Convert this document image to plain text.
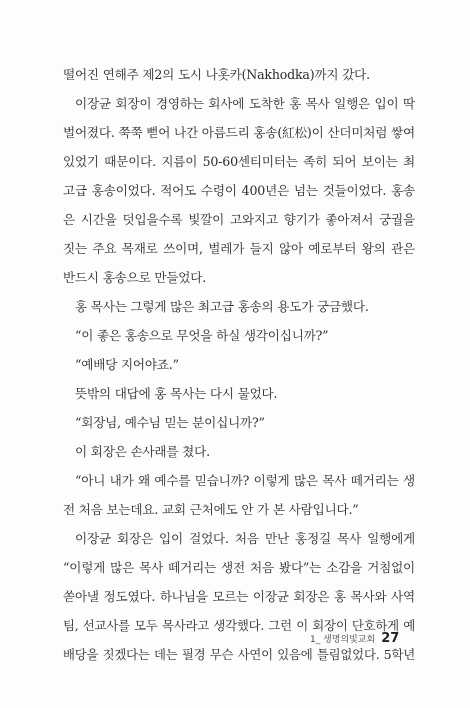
떨어진 연해주 제2의 도시 나홋카(Nakhodka)까지 갔다.
이장균 회장이 경영하는 회사에 도착한 홍 목사 일행은 입이 딱
벌어졌다. 쭉쭉 뻗어 나간 아름드리 홍송(紅松)이 산더미처럼 쌓여
있었기 때문이다. 지름이 50-60센티미터는 족히 되어 보이는 최
고급 홍송이었다. 적어도 수령이 400년은 넘는 것들이었다. 홍송
은 시간을 덧입을수록 빛깔이 고와지고 향기가 좋아져서 궁궐을
짓는 주요 목재로 쓰이며, 벌레가 들지 않아 예로부터 왕의 관은
반드시 홍송으로 만들었다.
홍 목사는 그렇게 많은 최고급 홍송의 용도가 궁금했다.
“이 좋은 홍송으로 무엇을 하실 생각이십니까?”
“예배당 지어야죠.”
뜻밖의 대답에 홍 목사는 다시 물었다.
“회장님, 예수님 믿는 분이십니까?”
이 회장은 손사래를 쳤다.
“아니 내가 왜 예수를 믿습니까? 이렇게 많은 목사 떼거리는 생
전 처음 보는데요. 교회 근처에도 안 가 본 사람입니다.”
이장균 회장은 입이 걸었다. 처음 만난 홍정길 목사 일행에게
“이렇게 많은 목사 떼거리는 생전 처음 봤다”는 소감을 거침없이
쏟아낼 정도였다. 하나님을 모르는 이장균 회장은 홍 목사와 사역
팀, 선교사를 모두 목사라고 생각했다. 그런 이 회장이 단호하게 예
배당을 짓겠다는 데는 필경 무슨 사연이 있음에 틀림없었다. 5학년
1_ 생명의빛교회 27
